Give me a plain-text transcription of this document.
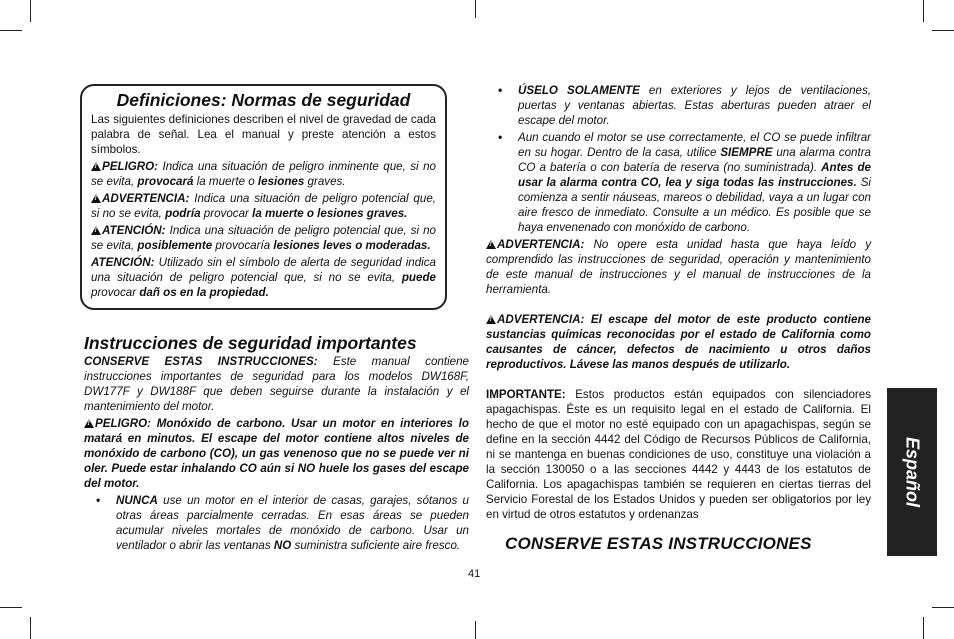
Definiciones: Normas de seguridad

Las siguientes definiciones describen el nivel de gravedad de cada palabra de señal. Lea el manual y preste atención a estos símbolos.

!PELIGRO: Indica una situación de peligro inminente que, si no se evita, provocará la muerte o lesiones graves.

!ADVERTENCIA: Indica una situación de peligro potencial que, si no se evita, podría provocar la muerte o lesiones graves.

!ATENCIÓN: Indica una situación de peligro potencial que, si no se evita, posiblemente provocaría lesiones leves o moderadas.

ATENCIÓN: Utilizado sin el símbolo de alerta de seguridad indica una situación de peligro potencial que, si no se evita, puede provocar dañ os en la propiedad.

Instrucciones de seguridad importantes

CONSERVE ESTAS INSTRUCCIONES: Este manual contiene instrucciones importantes de seguridad para los modelos DW168F, DW177F y DW188F que deben seguirse durante la instalación y el mantenimiento del motor.

!PELIGRO: Monóxido de carbono. Usar un motor en interiores lo matará en minutos. El escape del motor contiene altos niveles de monóxido de carbono (CO), un gas venenoso que no se puede ver ni oler. Puede estar inhalando CO aún si NO huele los gases del escape del motor.

• NUNCA use un motor en el interior de casas, garajes, sótanos u otras áreas parcialmente cerradas. En esas áreas se pueden acumular niveles mortales de monóxido de carbono. Usar un ventilador o abrir las ventanas NO suministra suficiente aire fresco.
• ÚSELO SOLAMENTE en exteriores y lejos de ventilaciones, puertas y ventanas abiertas. Estas aberturas pueden atraer el escape del motor.
• Aun cuando el motor se use correctamente, el CO se puede infiltrar en su hogar. Dentro de la casa, utilice SIEMPRE una alarma contra CO a batería o con batería de reserva (no suministrada). Antes de usar la alarma contra CO, lea y siga todas las instrucciones. Si comienza a sentir náuseas, mareos o debilidad, vaya a un lugar con aire fresco de inmediato. Consulte a un médico. Es posible que se haya envenenado con monóxido de carbono.

!ADVERTENCIA: No opere esta unidad hasta que haya leído y comprendido las instrucciones de seguridad, operación y mantenimiento de este manual de instrucciones y el manual de instrucciones de la herramienta.

!ADVERTENCIA: El escape del motor de este producto contiene sustancias químicas reconocidas por el estado de California como causantes de cáncer, defectos de nacimiento u otros daños reproductivos. Lávese las manos después de utilizarlo.

IMPORTANTE: Estos productos están equipados con silenciadores apagachispas. Éste es un requisito legal en el estado de California. El hecho de que el motor no esté equipado con un apagachispas, según se define en la sección 4442 del Código de Recursos Públicos de California, ni se mantenga en buenas condiciones de uso, constituye una violación a la sección 130050 o a las secciones 4442 y 4443 de los estatutos de California. Los apagachispas también se requieren en ciertas tierras del Servicio Forestal de los Estados Unidos y pueden ser obligatorios por ley en virtud de otros estatutos y ordenanzas

CONSERVE ESTAS INSTRUCCIONES
Español
41
